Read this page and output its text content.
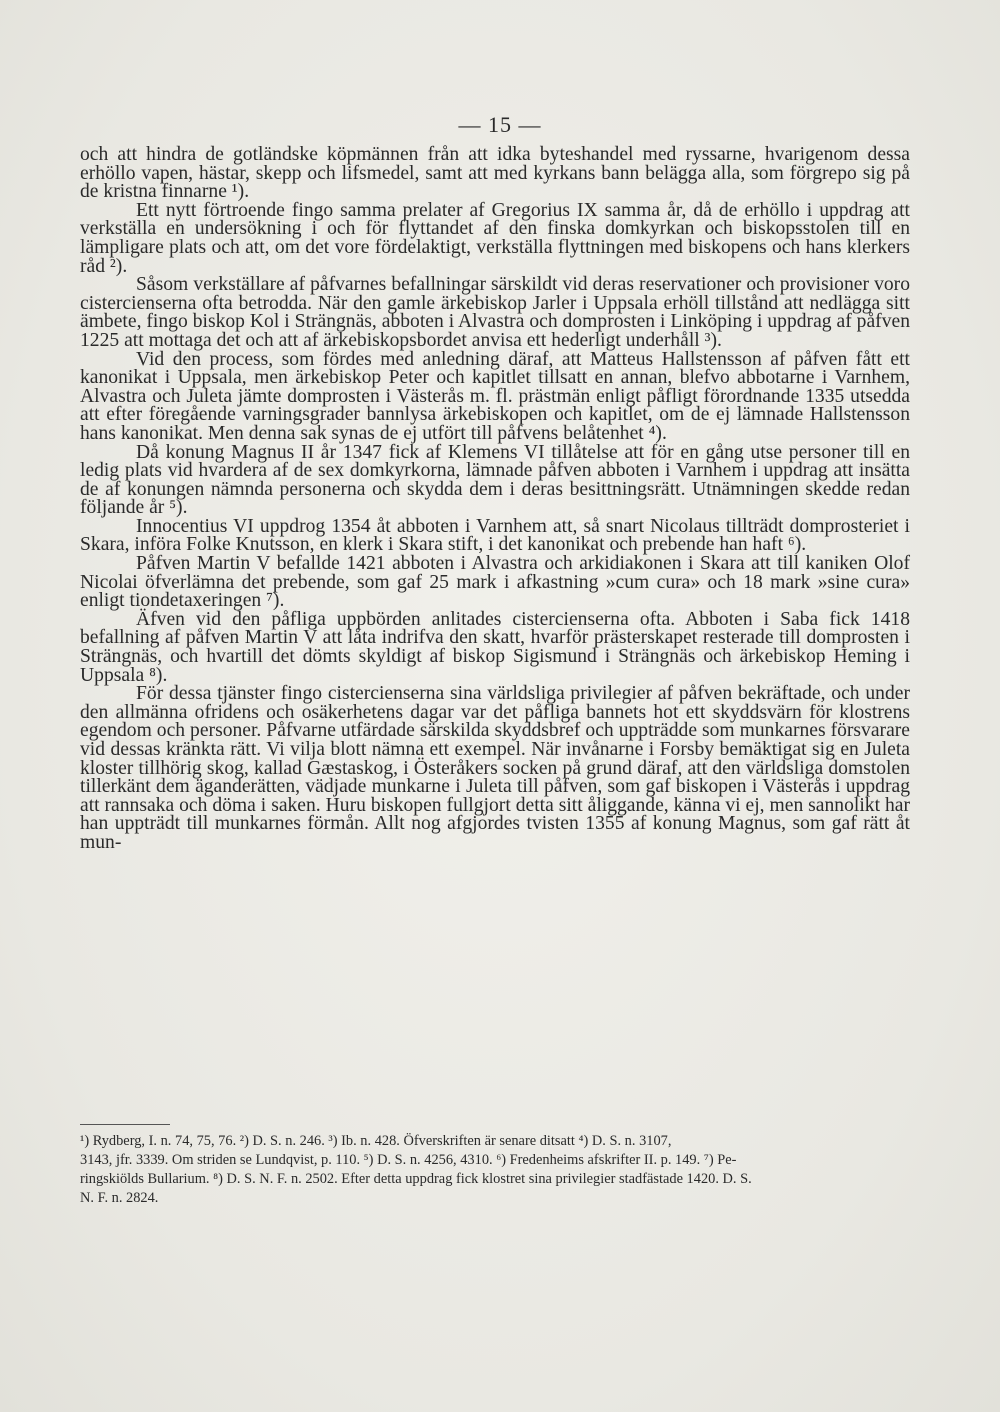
— 15 —

och att hindra de gotländske köpmännen från att idka byteshandel med ryssarne, hvarigenom dessa erhöllo vapen, hästar, skepp och lifsmedel, samt att med kyrkans bann belägga alla, som förgrepo sig på de kristna finnarne ¹).

Ett nytt förtroende fingo samma prelater af Gregorius IX samma år, då de erhöllo i uppdrag att verkställa en undersökning i och för flyttandet af den finska domkyrkan och biskopsstolen till en lämpligare plats och att, om det vore fördelaktigt, verkställa flyttningen med biskopens och hans klerkers råd ²).

Såsom verkställare af påfvarnes befallningar särskildt vid deras reservationer och provisioner voro cistercienserna ofta betrodda. När den gamle ärkebiskop Jarler i Uppsala erhöll tillstånd att nedlägga sitt ämbete, fingo biskop Kol i Strängnäs, abboten i Alvastra och domprosten i Linköping i uppdrag af påfven 1225 att mottaga det och att af ärkebiskopsbordet anvisa ett hederligt underhåll ³).

Vid den process, som fördes med anledning däraf, att Matteus Hallstensson af påfven fått ett kanonikat i Uppsala, men ärkebiskop Peter och kapitlet tillsatt en annan, blefvo abbotarne i Varnhem, Alvastra och Juleta jämte domprosten i Västerås m. fl. prästmän enligt påfligt förordnande 1335 utsedda att efter föregående varningsgrader bannlysa ärkebiskopen och kapitlet, om de ej lämnade Hallstensson hans kanonikat. Men denna sak synas de ej utfört till påfvens belåtenhet ⁴).

Då konung Magnus II år 1347 fick af Klemens VI tillåtelse att för en gång utse personer till en ledig plats vid hvardera af de sex domkyrkorna, lämnade påfven abboten i Varnhem i uppdrag att insätta de af konungen nämnda personerna och skydda dem i deras besittningsrätt. Utnämningen skedde redan följande år ⁵).

Innocentius VI uppdrog 1354 åt abboten i Varnhem att, så snart Nicolaus tillträdt domprosteriet i Skara, införa Folke Knutsson, en klerk i Skara stift, i det kanonikat och prebende han haft ⁶).

Påfven Martin V befallde 1421 abboten i Alvastra och arkidiakonen i Skara att till kaniken Olof Nicolai öfverlämna det prebende, som gaf 25 mark i afkastning »cum cura» och 18 mark »sine cura» enligt tiondetaxeringen ⁷).

Äfven vid den påfliga uppbörden anlitades cistercienserna ofta. Abboten i Saba fick 1418 befallning af påfven Martin V att låta indrifva den skatt, hvarför prästerskapet resterade till domprosten i Strängnäs, och hvartill det dömts skyldigt af biskop Sigismund i Strängnäs och ärkebiskop Heming i Uppsala ⁸).

För dessa tjänster fingo cistercienserna sina världsliga privilegier af påfven bekräftade, och under den allmänna ofridens och osäkerhetens dagar var det påfliga bannets hot ett skyddsvärn för klostrens egendom och personer. Påfvarne utfärdade särskilda skyddsbref och uppträdde som munkarnes försvarare vid dessas kränkta rätt. Vi vilja blott nämna ett exempel. När invånarne i Forsby bemäktigat sig en Juleta kloster tillhörig skog, kallad Gæstaskog, i Österåkers socken på grund däraf, att den världsliga domstolen tillerkänt dem äganderätten, vädjade munkarne i Juleta till påfven, som gaf biskopen i Västerås i uppdrag att rannsaka och döma i saken. Huru biskopen fullgjort detta sitt åliggande, känna vi ej, men sannolikt har han uppträdt till munkarnes förmån. Allt nog afgjordes tvisten 1355 af konung Magnus, som gaf rätt åt mun-

¹) Rydberg, I. n. 74, 75, 76. ²) D. S. n. 246. ³) Ib. n. 428. Öfverskriften är senare ditsatt ⁴) D. S. n. 3107,
3143, jfr. 3339. Om striden se Lundqvist, p. 110. ⁵) D. S. n. 4256, 4310. ⁶) Fredenheims afskrifter II. p. 149. ⁷) Pe-
ringskiölds Bullarium. ⁸) D. S. N. F. n. 2502. Efter detta uppdrag fick klostret sina privilegier stadfästade 1420. D. S.
N. F. n. 2824.
